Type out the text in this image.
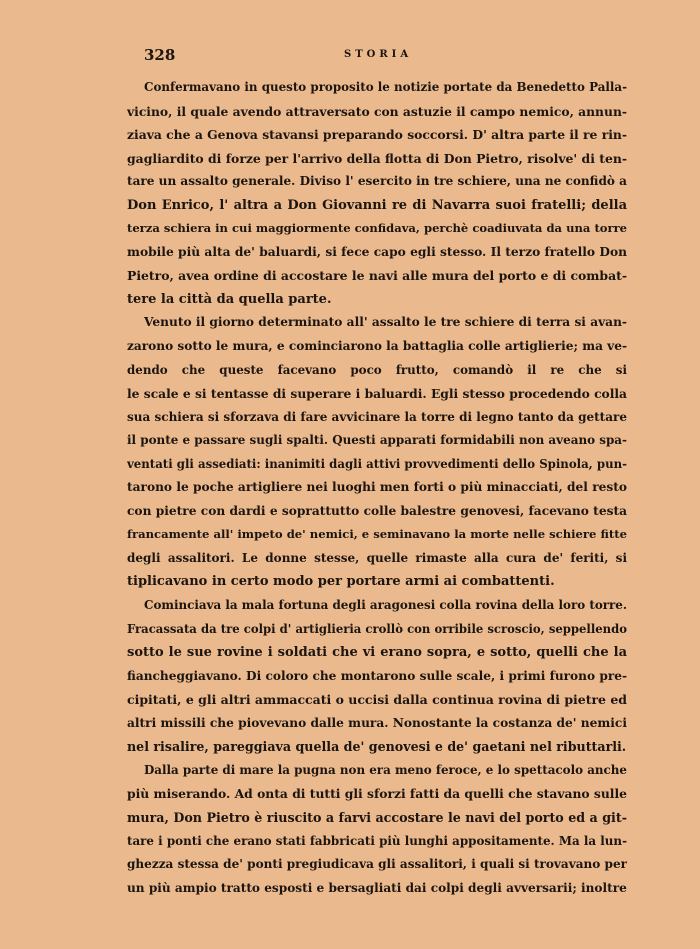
328	STORIA
Confermavano in questo proposito le notizie portate da Benedetto Palla-
vicino, il quale avendo attraversato con astuzie il campo nemico, annun-
ziava che a Genova stavansi preparando soccorsi. D' altra parte il re rin-
gagliardito di forze per l'arrivo della flotta di Don Pietro, risolve' di ten-
tare un assalto generale. Diviso l' esercito in tre schiere, una ne confidò a
Don Enrico, l' altra a Don Giovanni re di Navarra suoi fratelli; della
terza schiera in cui maggiormente confidava, perchè coadiuvata da una torre
mobile più alta de' baluardi, si fece capo egli stesso. Il terzo fratello Don
Pietro, avea ordine di accostare le navi alle mura del porto e di combat-
tere la città da quella parte.
Venuto il giorno determinato all' assalto le tre schiere di terra si avan-
zarono sotto le mura, e cominciarono la battaglia colle artiglierie; ma ve-
dendo che queste facevano poco frutto, comandò il re che si
le scale e si tentasse di superare i baluardi. Egli stesso procedendo colla
sua schiera si sforzava di fare avvicinare la torre di legno tanto da gettare
il ponte e passare sugli spalti. Questi apparati formidabili non aveano spa-
ventati gli assediati: inanimiti dagli attivi provvedimenti dello Spinola, pun-
tarono le poche artigliere nei luoghi men forti o più minacciati, del resto
con pietre con dardi e soprattutto colle balestre genovesi, facevano testa
francamente all' impeto de' nemici, e seminavano la morte nelle schiere fitte
degli assalitori. Le donne stesse, quelle rimaste alla cura de' feriti, si
tiplicavano in certo modo per portare armi ai combattenti.
Cominciava la mala fortuna degli aragonesi colla rovina della loro torre.
Fracassata da tre colpi d' artiglieria crollò con orribile scroscio, seppellendo
sotto le sue rovine i soldati che vi erano sopra, e sotto, quelli che la
fiancheggiavano. Di coloro che montarono sulle scale, i primi furono pre-
cipitati, e gli altri ammaccati o uccisi dalla continua rovina di pietre ed
altri missili che piovevano dalle mura. Nonostante la costanza de' nemici
nel risalire, pareggiava quella de' genovesi e de' gaetani nel ributtarli.
Dalla parte di mare la pugna non era meno feroce, e lo spettacolo anche
più miserando. Ad onta di tutti gli sforzi fatti da quelli che stavano sulle
mura, Don Pietro è riuscito a farvi accostare le navi del porto ed a git-
tare i ponti che erano stati fabbricati più lunghi appositamente. Ma la lun-
ghezza stessa de' ponti pregiudicava gli assalitori, i quali si trovavano per
un più ampio tratto esposti e bersagliati dai colpi degli avversarii; inoltre
